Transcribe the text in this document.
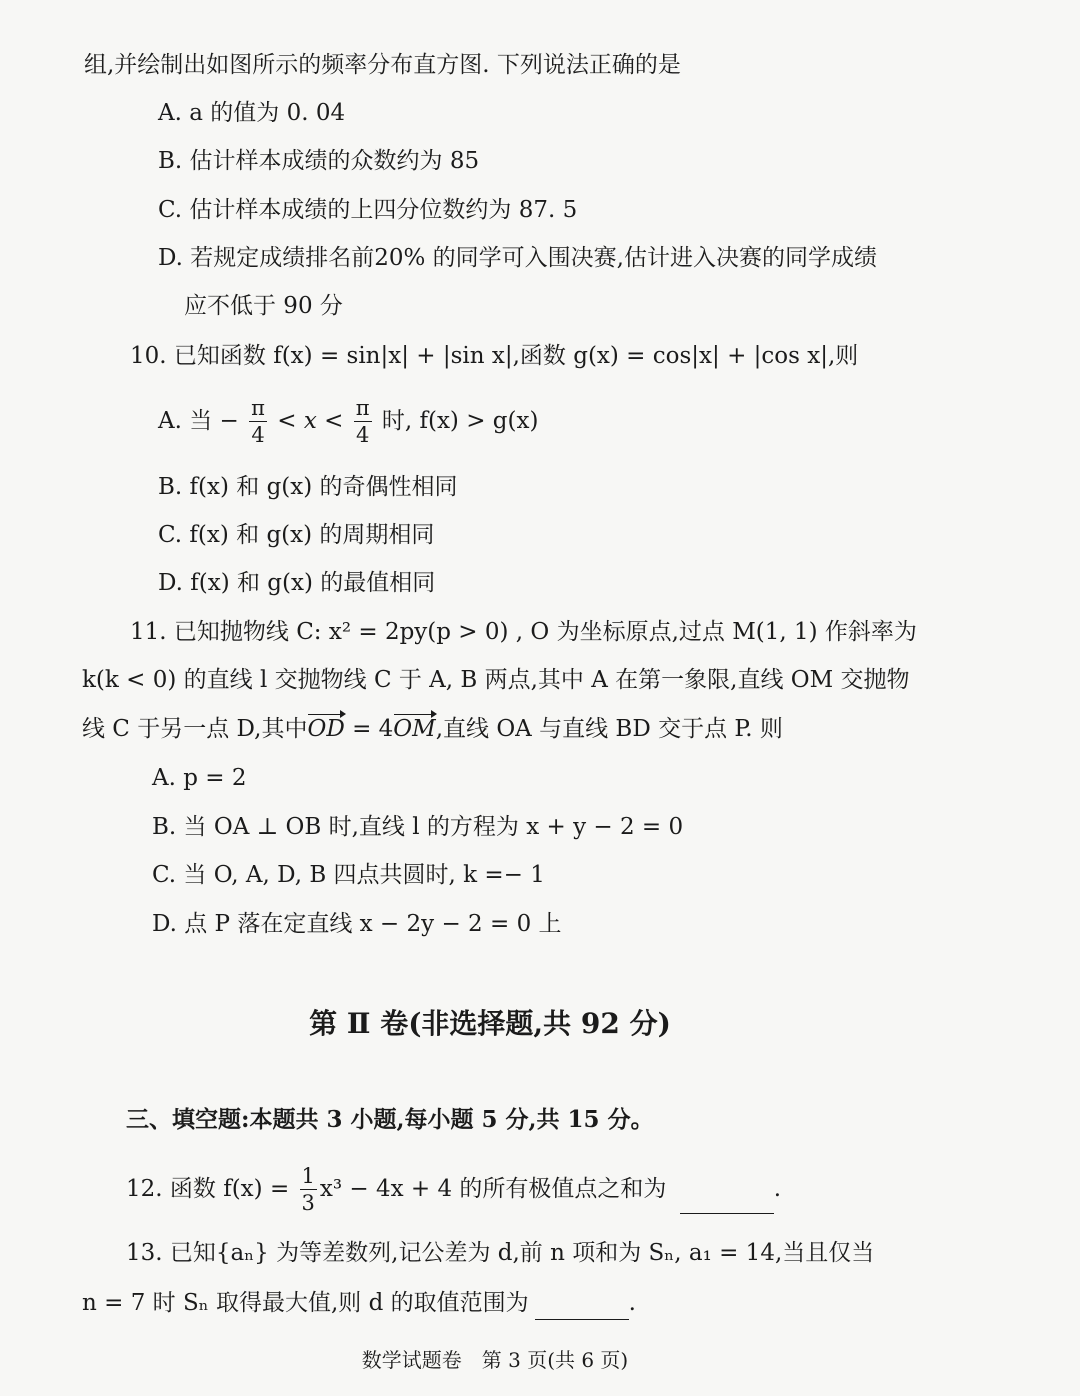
组,并绘制出如图所示的频率分布直方图. 下列说法正确的是
A. a 的值为 0. 04
B. 估计样本成绩的众数约为 85
C. 估计样本成绩的上四分位数约为 87. 5
D. 若规定成绩排名前20% 的同学可入围决赛,估计进入决赛的同学成绩
应不低于 90 分
10. 已知函数 f(x) = sin|x| + |sin x|,函数 g(x) = cos|x| + |cos x|,则
A. 当 − $\frac{\pi}{4} < x < \frac{\pi}{4}$ 时, f(x) > g(x)
B. f(x) 和 g(x) 的奇偶性相同
C. f(x) 和 g(x) 的周期相同
D. f(x) 和 g(x) 的最值相同
11. 已知抛物线 C: x² = 2py(p > 0) , O 为坐标原点,过点 M(1, 1) 作斜率为
k(k < 0) 的直线 l 交抛物线 C 于 A, B 两点,其中 A 在第一象限,直线 OM 交抛物
线 C 于另一点 D,其中OD = 4OM,直线 OA 与直线 BD 交于点 P. 则
A. p = 2
B. 当 OA ⊥ OB 时,直线 l 的方程为 x + y − 2 = 0
C. 当 O, A, D, B 四点共圆时, k =− 1
D. 点 P 落在定直线 x − 2y − 2 = 0 上
第 Ⅱ 卷(非选择题,共 92 分)
三、填空题:本题共 3 小题,每小题 5 分,共 15 分。
12. 函数 $f(x) = \frac{1}{3} x^3 - 4x + 4$ 的所有极值点之和为	.
13. 已知{aₙ} 为等差数列,记公差为 d,前 n 项和为 Sₙ, a₁ = 14,当且仅当
n = 7 时 Sₙ 取得最大值,则 d 的取值范围为	.
数学试题卷　第 3 页(共 6 页)
